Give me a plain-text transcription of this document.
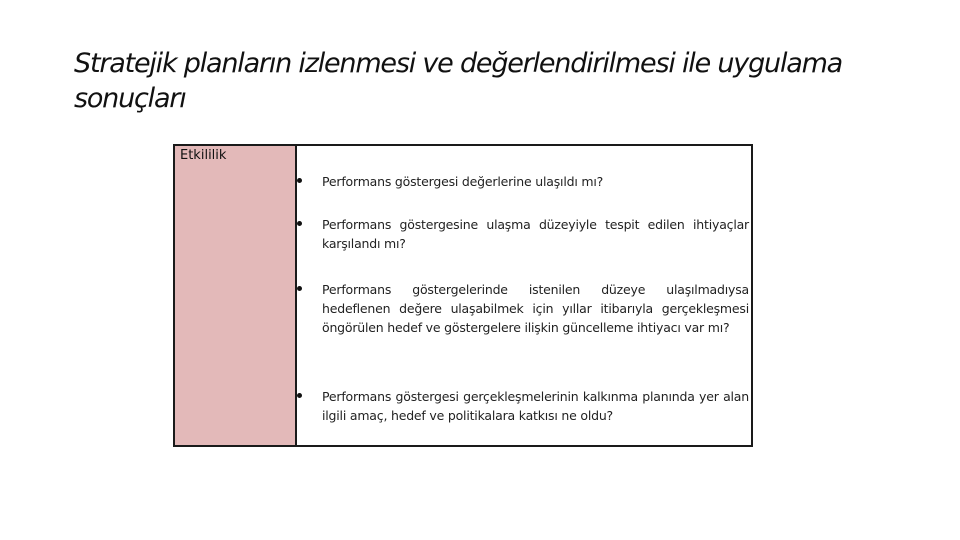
Stratejik planların izlenmesi ve değerlendirilmesi ile uygulama sonuçları
Etkililik
Performans göstergesi değerlerine ulaşıldı mı?
Performans göstergesine ulaşma düzeyiyle tespit edilen ihtiyaçlar karşılandı mı?
Performans göstergelerinde istenilen düzeye ulaşılmadıysa hedeflenen değere ulaşabilmek için yıllar itibarıyla gerçekleşmesi öngörülen hedef ve göstergelere ilişkin güncelleme ihtiyacı var mı?
Performans göstergesi gerçekleşmelerinin kalkınma planında yer alan ilgili amaç, hedef ve politikalara katkısı ne oldu?
